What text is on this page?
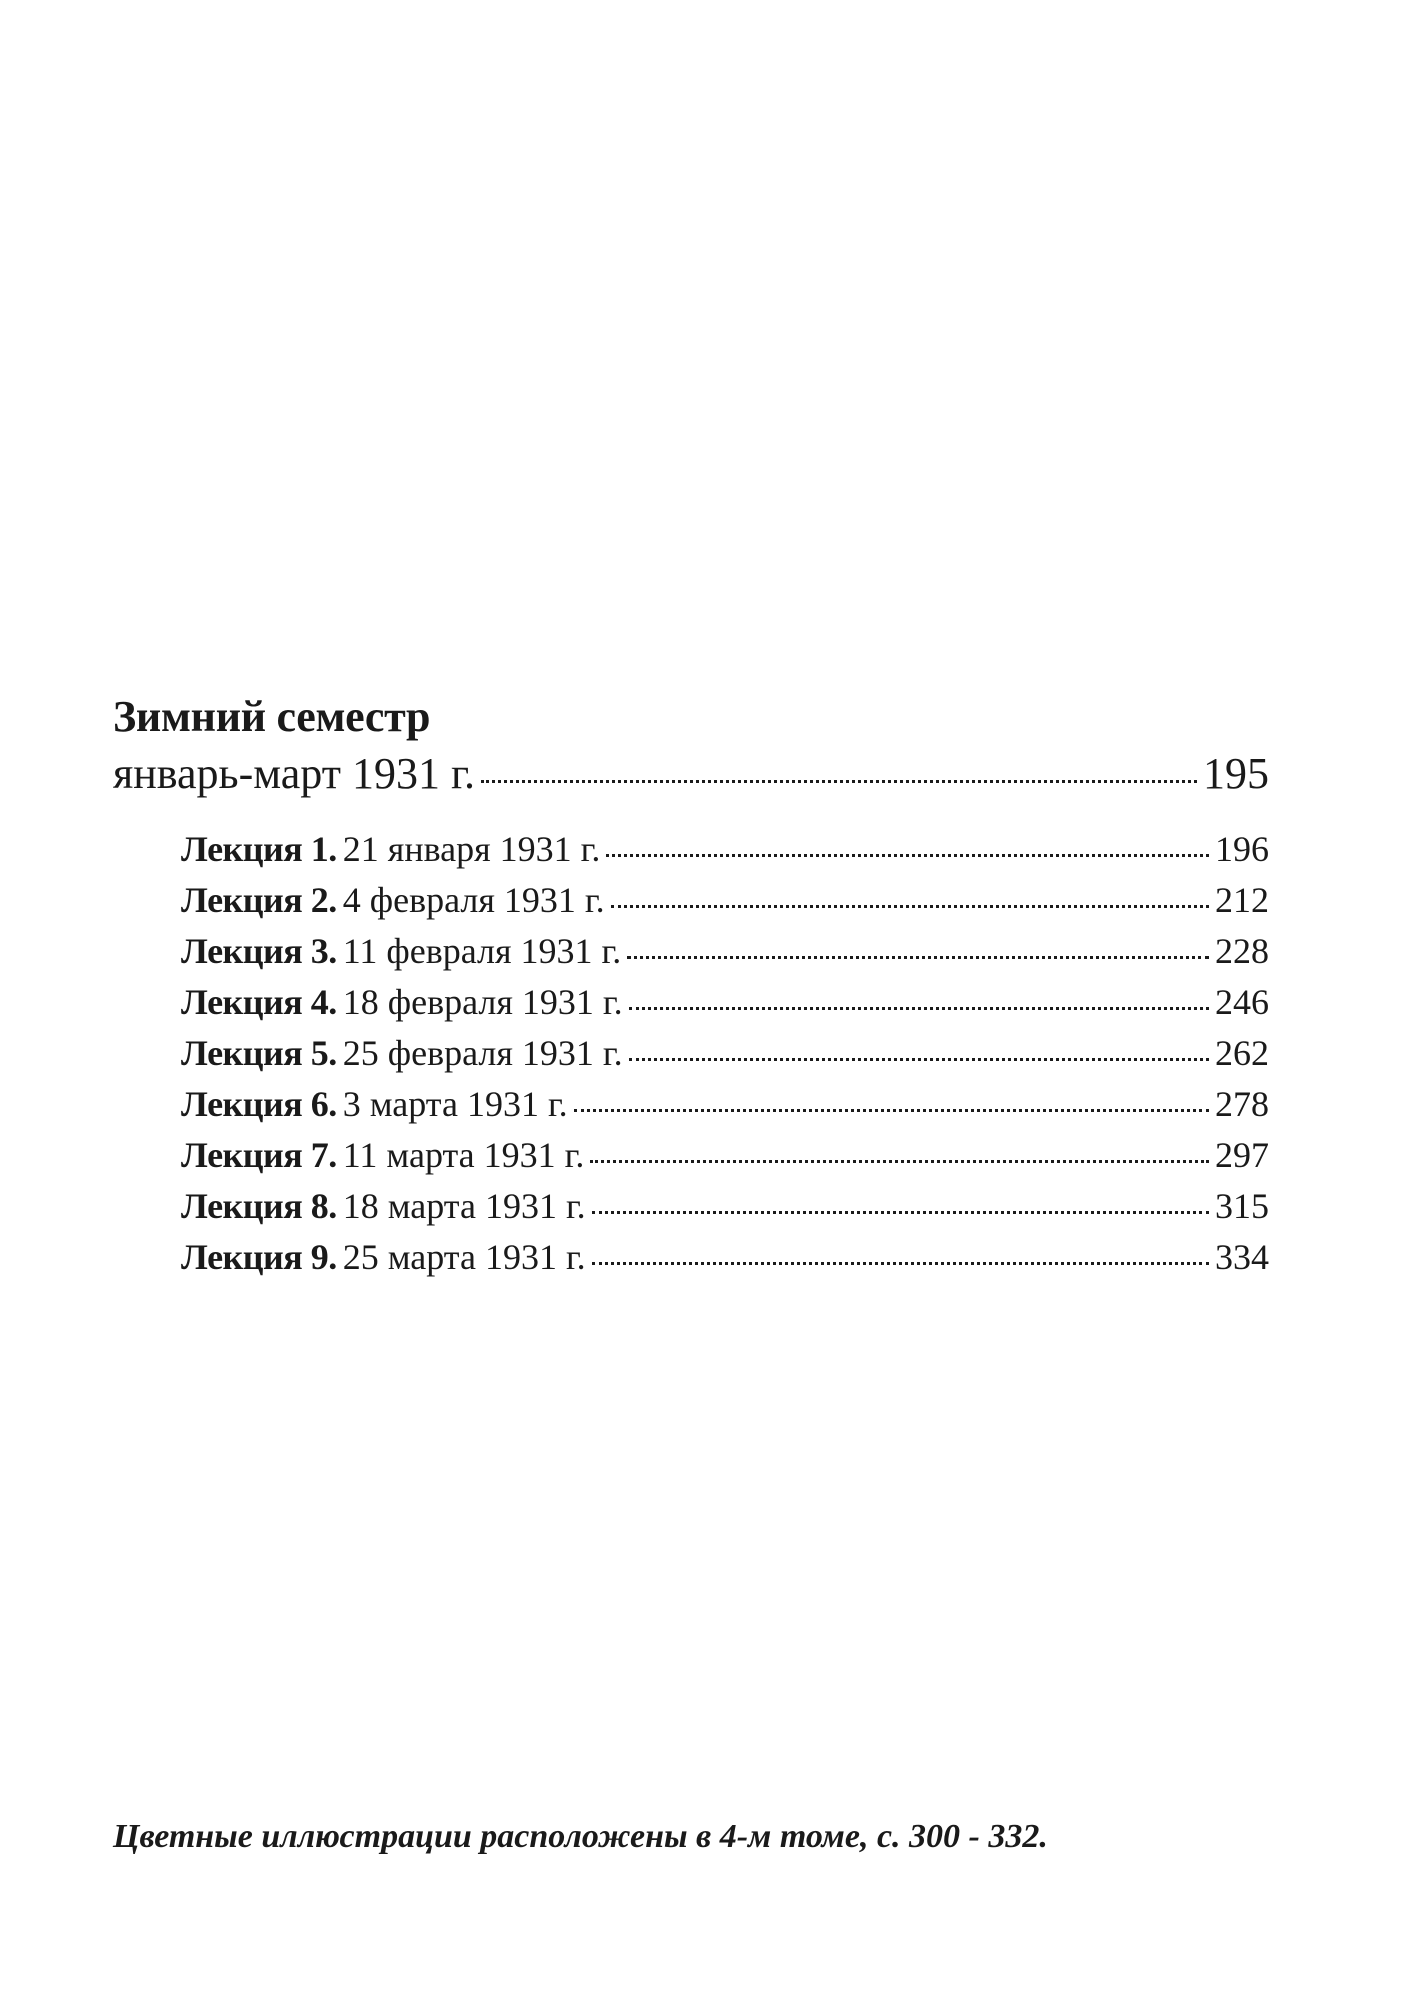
Зимний семестр
январь-март 1931 г.	195
Лекция 1. 21 января 1931 г.	196
Лекция 2. 4 февраля 1931 г.	212
Лекция 3. 11 февраля 1931 г.	228
Лекция 4. 18 февраля 1931 г.	246
Лекция 5. 25 февраля 1931 г.	262
Лекция 6. 3 марта 1931 г.	278
Лекция 7. 11 марта 1931 г.	297
Лекция 8. 18 марта 1931 г.	315
Лекция 9. 25 марта 1931 г.	334

Цветные иллюстрации расположены в 4-м томе, с. 300 - 332.
